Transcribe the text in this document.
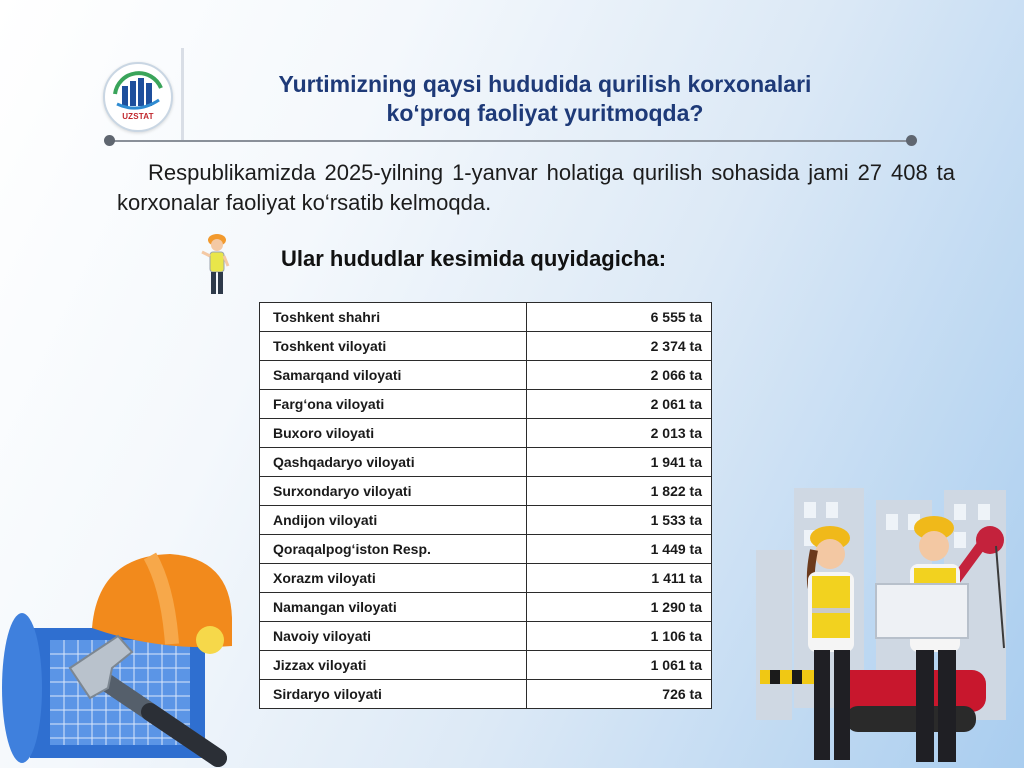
UZSTAT
Yurtimizning qaysi hududida qurilish korxonalari
ko‘proq faoliyat yuritmoqda?
Respublikamizda 2025-yilning 1-yanvar holatiga qurilish sohasida jami 27 408 ta korxonalar faoliyat ko‘rsatib kelmoqda.
Ular hududlar kesimida quyidagicha:
Toshkent shahri	6 555 ta
Toshkent viloyati	2 374 ta
Samarqand viloyati	2 066 ta
Farg‘ona viloyati	2 061 ta
Buxoro viloyati	2 013 ta
Qashqadaryo viloyati	1 941 ta
Surxondaryo viloyati	1 822 ta
Andijon viloyati	1 533 ta
Qoraqalpog‘iston Resp.	1 449 ta
Xorazm viloyati	1 411 ta
Namangan viloyati	1 290 ta
Navoiy viloyati	1 106 ta
Jizzax viloyati	1 061 ta
Sirdaryo viloyati	726 ta
